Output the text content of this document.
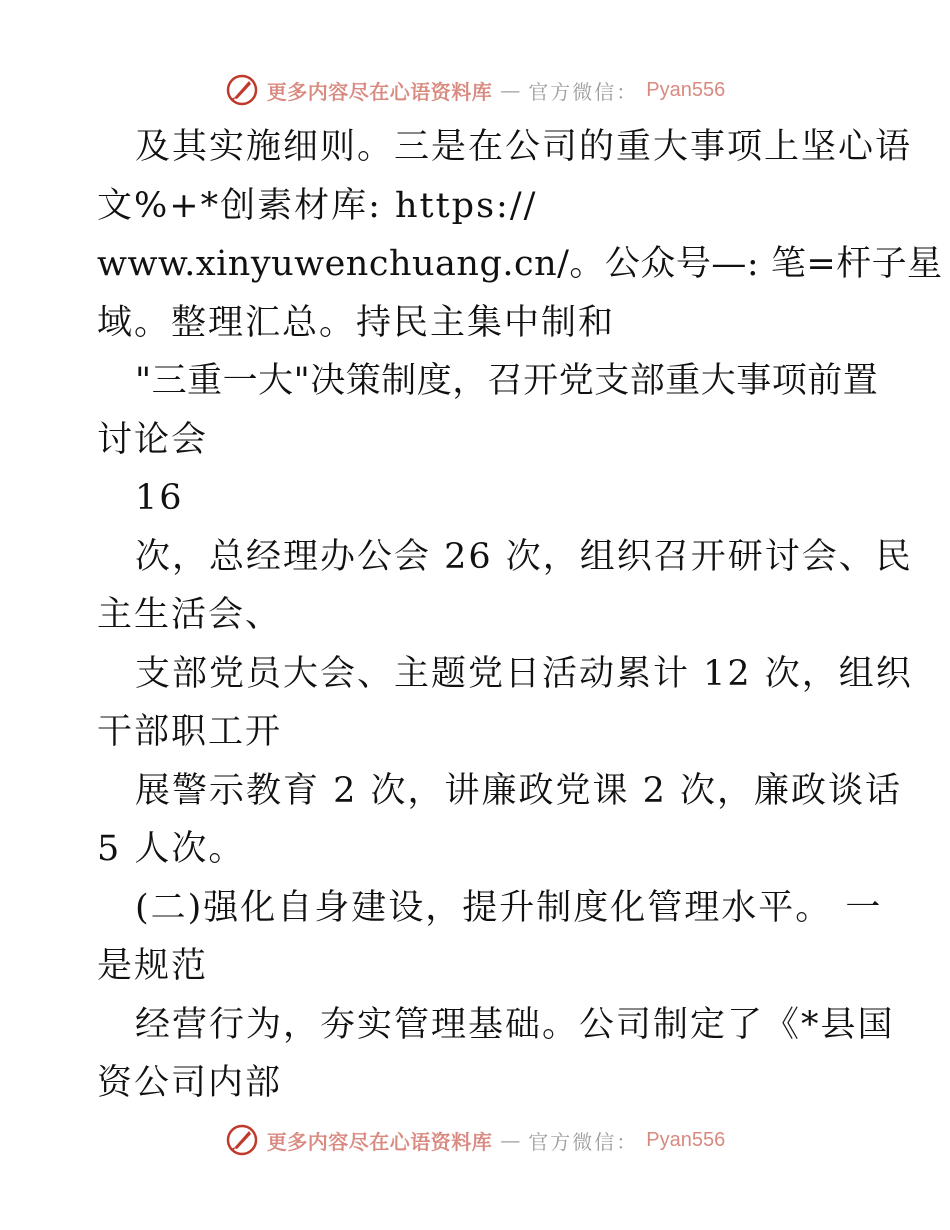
更多内容尽在心语资料库 — 官方微信： Pyan556
及其实施细则。三是在公司的重大事项上坚心语
文%+*创素材库: https://
www.xinyuwenchuang.cn/。公众号—: 笔=杆子星
域。整理汇总。持民主集中制和
"三重一大"决策制度，召开党支部重大事项前置
讨论会
16
次，总经理办公会 26 次，组织召开研讨会、民
主生活会、
支部党员大会、主题党日活动累计 12 次，组织
干部职工开
展警示教育 2 次，讲廉政党课 2 次，廉政谈话
5 人次。
(二)强化自身建设，提升制度化管理水平。 一
是规范
经营行为，夯实管理基础。公司制定了《*县国
资公司内部
更多内容尽在心语资料库 — 官方微信： Pyan556
